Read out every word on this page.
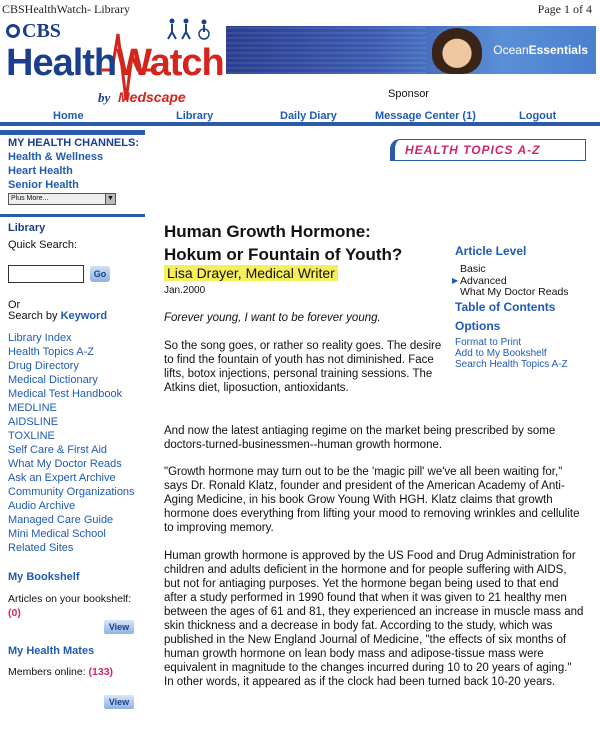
CBSHealthWatch- Library	Page 1 of 4
CBS
HealthWatch
by Medscape
OceanEssentials
Sponsor
Home	Library	Daily Diary	Message Center (1)	Logout
MY HEALTH CHANNELS:
Health & Wellness
Heart Health
Senior Health
Plus More...	▼
HEALTH TOPICS A-Z
Library
Quick Search:
Go
Or
Search by Keyword
Library Index
Health Topics A-Z
Drug Directory
Medical Dictionary
Medical Test Handbook
MEDLINE
AIDSLINE
TOXLINE
Self Care & First Aid
What My Doctor Reads
Ask an Expert Archive
Community Organizations
Audio Archive
Managed Care Guide
Mini Medical School
Related Sites
My Bookshelf
Articles on your bookshelf:
(0)
View
My Health Mates
Members online: (133)
View
Human Growth Hormone:
Hokum or Fountain of Youth?
Lisa Drayer, Medical Writer
Jan.2000
Forever young, I want to be forever young.
So the song goes, or rather so reality goes. The desire to find the fountain of youth has not diminished. Face lifts, botox injections, personal training sessions. The Atkins diet, liposuction, antioxidants.
And now the latest antiaging regime on the market being prescribed by some doctors-turned-businessmen--human growth hormone.
"Growth hormone may turn out to be the 'magic pill' we've all been waiting for," says Dr. Ronald Klatz, founder and president of the American Academy of Anti-Aging Medicine, in his book Grow Young With HGH. Klatz claims that growth hormone does everything from lifting your mood to removing wrinkles and cellulite to improving memory.
Human growth hormone is approved by the US Food and Drug Administration for children and adults deficient in the hormone and for people suffering with AIDS, but not for antiaging purposes. Yet the hormone began being used to that end after a study performed in 1990 found that when it was given to 21 healthy men between the ages of 61 and 81, they experienced an increase in muscle mass and skin thickness and a decrease in body fat. According to the study, which was published in the New England Journal of Medicine, "the effects of six months of human growth hormone on lean body mass and adipose-tissue mass were equivalent in magnitude to the changes incurred during 10 to 20 years of aging." In other words, it appeared as if the clock had been turned back 10-20 years.
Article Level
Basic
▶ Advanced
What My Doctor Reads
Table of Contents
Options
Format to Print
Add to My Bookshelf
Search Health Topics A-Z
